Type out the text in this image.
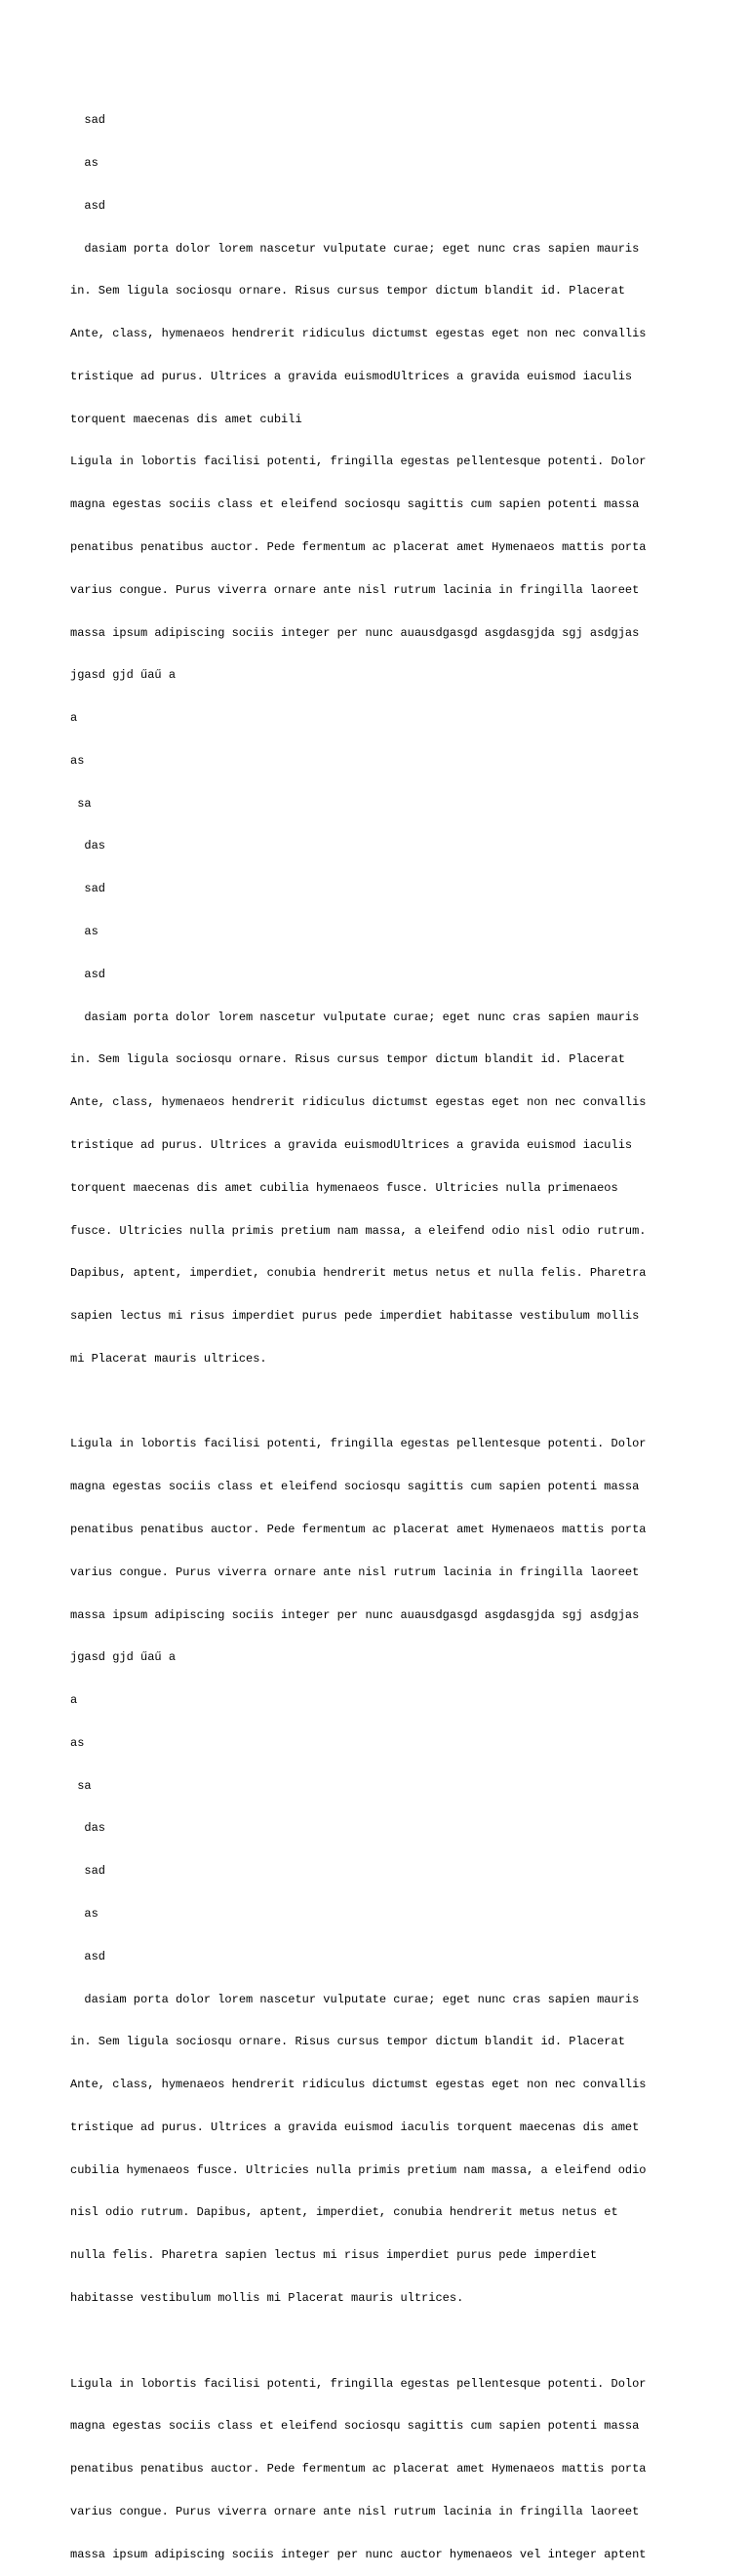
sad

as

asd

dasiam porta dolor lorem nascetur vulputate curae; eget nunc cras sapien mauris

in. Sem ligula sociosqu ornare. Risus cursus tempor dictum blandit id. Placerat

Ante, class, hymenaeos hendrerit ridiculus dictumst egestas eget non nec convallis

tristique ad purus. Ultrices a gravida euismodUltrices a gravida euismod iaculis

torquent maecenas dis amet cubili

Ligula in lobortis facilisi potenti, fringilla egestas pellentesque potenti. Dolor

magna egestas sociis class et eleifend sociosqu sagittis cum sapien potenti massa

penatibus penatibus auctor. Pede fermentum ac placerat amet Hymenaeos mattis porta

varius congue. Purus viverra ornare ante nisl rutrum lacinia in fringilla laoreet

massa ipsum adipiscing sociis integer per nunc auausdgasgd asgdasgjda sgj asdgjas

jgasd gjd űaű a

a

as

sa

das

sad

as

asd

dasiam porta dolor lorem nascetur vulputate curae; eget nunc cras sapien mauris

in. Sem ligula sociosqu ornare. Risus cursus tempor dictum blandit id. Placerat

Ante, class, hymenaeos hendrerit ridiculus dictumst egestas eget non nec convallis

tristique ad purus. Ultrices a gravida euismodUltrices a gravida euismod iaculis

torquent maecenas dis amet cubilia hymenaeos fusce. Ultricies nulla primenaeos

fusce. Ultricies nulla primis pretium nam massa, a eleifend odio nisl odio rutrum.

Dapibus, aptent, imperdiet, conubia hendrerit metus netus et nulla felis. Pharetra

sapien lectus mi risus imperdiet purus pede imperdiet habitasse vestibulum mollis

mi Placerat mauris ultrices.

Ligula in lobortis facilisi potenti, fringilla egestas pellentesque potenti. Dolor

magna egestas sociis class et eleifend sociosqu sagittis cum sapien potenti massa

penatibus penatibus auctor. Pede fermentum ac placerat amet Hymenaeos mattis porta

varius congue. Purus viverra ornare ante nisl rutrum lacinia in fringilla laoreet

massa ipsum adipiscing sociis integer per nunc auausdgasgd asgdasgjda sgj asdgjas

jgasd gjd űaű a

a

as

sa

das

sad

as

asd

dasiam porta dolor lorem nascetur vulputate curae; eget nunc cras sapien mauris

in. Sem ligula sociosqu ornare. Risus cursus tempor dictum blandit id. Placerat

Ante, class, hymenaeos hendrerit ridiculus dictumst egestas eget non nec convallis

tristique ad purus. Ultrices a gravida euismod iaculis torquent maecenas dis amet

cubilia hymenaeos fusce. Ultricies nulla primis pretium nam massa, a eleifend odio

nisl odio rutrum. Dapibus, aptent, imperdiet, conubia hendrerit metus netus et

nulla felis. Pharetra sapien lectus mi risus imperdiet purus pede imperdiet

habitasse vestibulum mollis mi Placerat mauris ultrices.

Ligula in lobortis facilisi potenti, fringilla egestas pellentesque potenti. Dolor

magna egestas sociis class et eleifend sociosqu sagittis cum sapien potenti massa

penatibus penatibus auctor. Pede fermentum ac placerat amet Hymenaeos mattis porta

varius congue. Purus viverra ornare ante nisl rutrum lacinia in fringilla laoreet

massa ipsum adipiscing sociis integer per nunc auctor hymenaeos vel integer aptent
